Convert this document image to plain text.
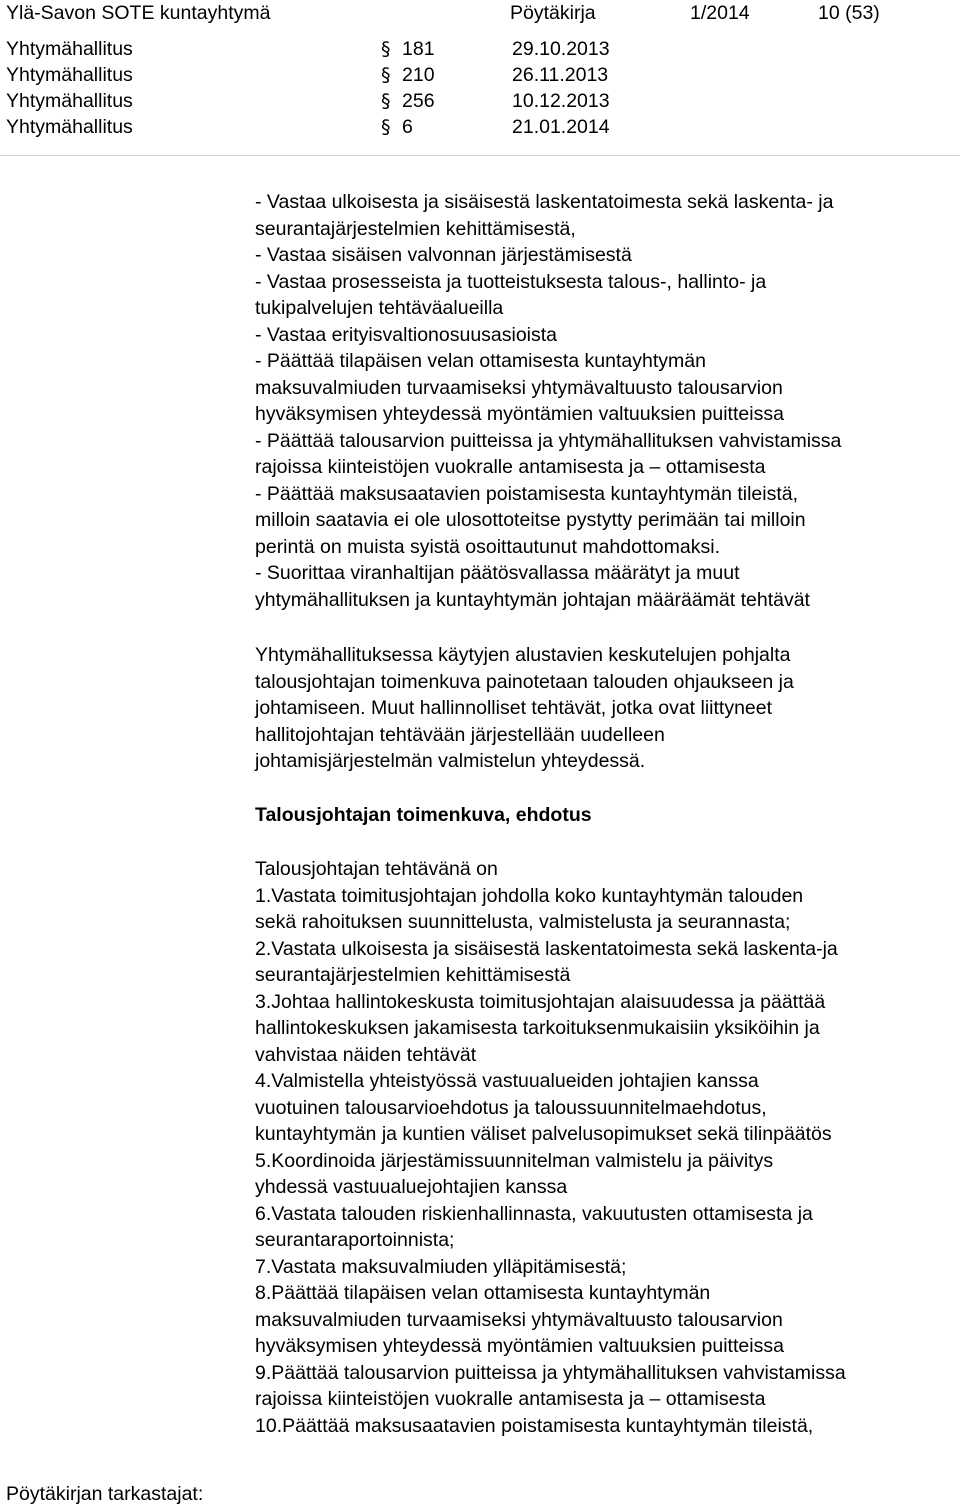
Ylä-Savon SOTE kuntayhtymä	Pöytäkirja	1/2014	10 (53)
Yhtymähallitus	§ 181	29.10.2013
Yhtymähallitus	§ 210	26.11.2013
Yhtymähallitus	§ 256	10.12.2013
Yhtymähallitus	§ 6	21.01.2014
- Vastaa ulkoisesta ja sisäisestä laskentatoimesta sekä laskenta- ja
seurantajärjestelmien kehittämisestä,
- Vastaa sisäisen valvonnan järjestämisestä
- Vastaa prosesseista ja tuotteistuksesta talous-, hallinto- ja
tukipalvelujen tehtäväalueilla
- Vastaa erityisvaltionosuusasioista
- Päättää tilapäisen velan ottamisesta kuntayhtymän
maksuvalmiuden turvaamiseksi yhtymävaltuusto talousarvion
hyväksymisen yhteydessä myöntämien valtuuksien puitteissa
- Päättää talousarvion puitteissa ja yhtymähallituksen vahvistamissa
rajoissa kiinteistöjen vuokralle antamisesta ja – ottamisesta
- Päättää maksusaatavien poistamisesta kuntayhtymän tileistä,
milloin saatavia ei ole ulosottoteitse pystytty perimään tai milloin
perintä on muista syistä osoittautunut mahdottomaksi.
- Suorittaa viranhaltijan päätösvallassa määrätyt ja muut
yhtymähallituksen ja kuntayhtymän johtajan määräämät tehtävät
Yhtymähallituksessa käytyjen alustavien keskutelujen pohjalta
talousjohtajan toimenkuva painotetaan talouden ohjaukseen ja
johtamiseen. Muut hallinnolliset tehtävät, jotka ovat liittyneet
hallitojohtajan tehtävään järjestellään uudelleen
johtamisjärjestelmän valmistelun yhteydessä.
Talousjohtajan toimenkuva, ehdotus
Talousjohtajan tehtävänä on
1.Vastata toimitusjohtajan johdolla koko kuntayhtymän talouden
sekä rahoituksen suunnittelusta, valmistelusta ja seurannasta;
2.Vastata ulkoisesta ja sisäisestä laskentatoimesta sekä laskenta-ja
seurantajärjestelmien kehittämisestä
3.Johtaa hallintokeskusta toimitusjohtajan alaisuudessa ja päättää
hallintokeskuksen jakamisesta tarkoituksenmukaisiin yksiköihin ja
vahvistaa näiden tehtävät
4.Valmistella yhteistyössä vastuualueiden johtajien kanssa
vuotuinen talousarvioehdotus ja taloussuunnitelmaehdotus,
kuntayhtymän ja kuntien väliset palvelusopimukset sekä tilinpäätös
5.Koordinoida järjestämissuunnitelman valmistelu ja päivitys
yhdessä vastuualuejohtajien kanssa
6.Vastata talouden riskienhallinnasta, vakuutusten ottamisesta ja
seurantaraportoinnista;
7.Vastata maksuvalmiuden ylläpitämisestä;
8.Päättää tilapäisen velan ottamisesta kuntayhtymän
maksuvalmiuden turvaamiseksi yhtymävaltuusto talousarvion
hyväksymisen yhteydessä myöntämien valtuuksien puitteissa
9.Päättää talousarvion puitteissa ja yhtymähallituksen vahvistamissa
rajoissa kiinteistöjen vuokralle antamisesta ja – ottamisesta
10.Päättää maksusaatavien poistamisesta kuntayhtymän tileistä,
Pöytäkirjan tarkastajat:
